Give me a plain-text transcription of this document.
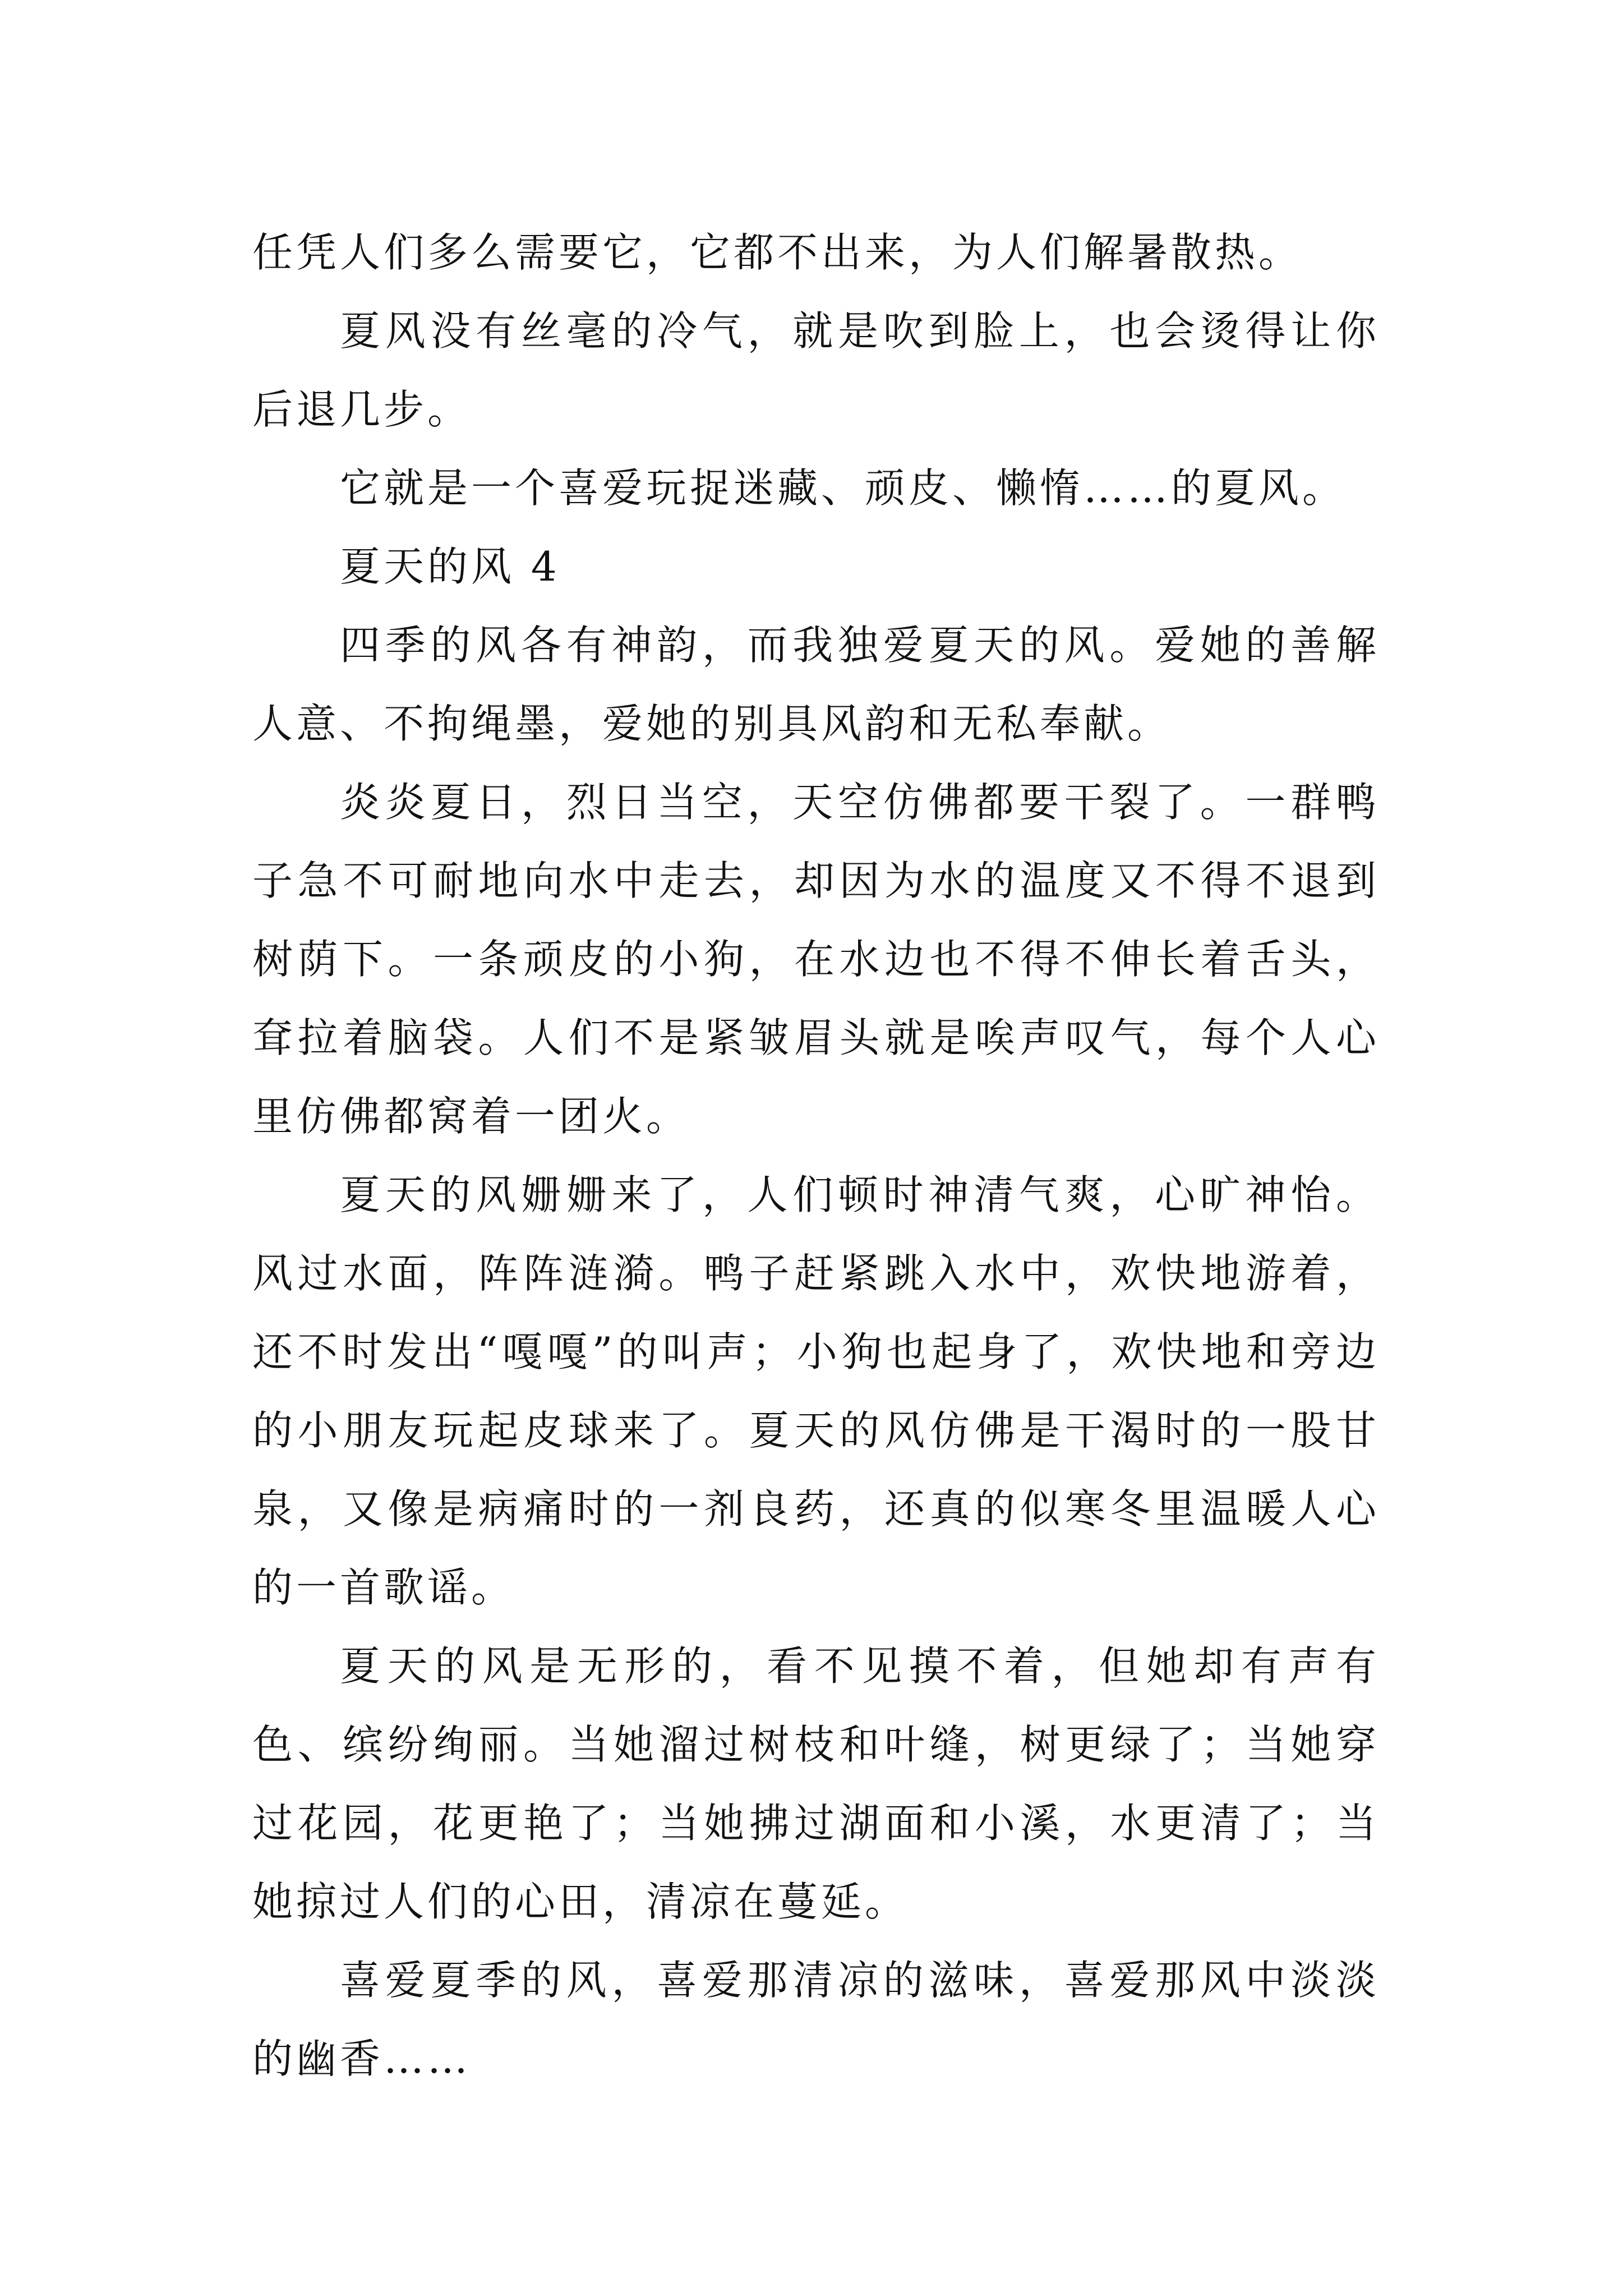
任凭人们多么需要它，它都不出来，为人们解暑散热。

夏风没有丝毫的冷气，就是吹到脸上，也会烫得让你后退几步。

它就是一个喜爱玩捉迷藏、顽皮、懒惰……的夏风。

夏天的风 4

四季的风各有神韵，而我独爱夏天的风。爱她的善解人意、不拘绳墨，爱她的别具风韵和无私奉献。

炎炎夏日，烈日当空，天空仿佛都要干裂了。一群鸭子急不可耐地向水中走去，却因为水的温度又不得不退到树荫下。一条顽皮的小狗，在水边也不得不伸长着舌头，耷拉着脑袋。人们不是紧皱眉头就是唉声叹气，每个人心里仿佛都窝着一团火。

夏天的风姗姗来了，人们顿时神清气爽，心旷神怡。风过水面，阵阵涟漪。鸭子赶紧跳入水中，欢快地游着，还不时发出“嘎嘎”的叫声；小狗也起身了，欢快地和旁边的小朋友玩起皮球来了。夏天的风仿佛是干渴时的一股甘泉，又像是病痛时的一剂良药，还真的似寒冬里温暖人心的一首歌谣。

夏天的风是无形的，看不见摸不着，但她却有声有色、缤纷绚丽。当她溜过树枝和叶缝，树更绿了；当她穿过花园，花更艳了；当她拂过湖面和小溪，水更清了；当她掠过人们的心田，清凉在蔓延。

喜爱夏季的风，喜爱那清凉的滋味，喜爱那风中淡淡的幽香……
